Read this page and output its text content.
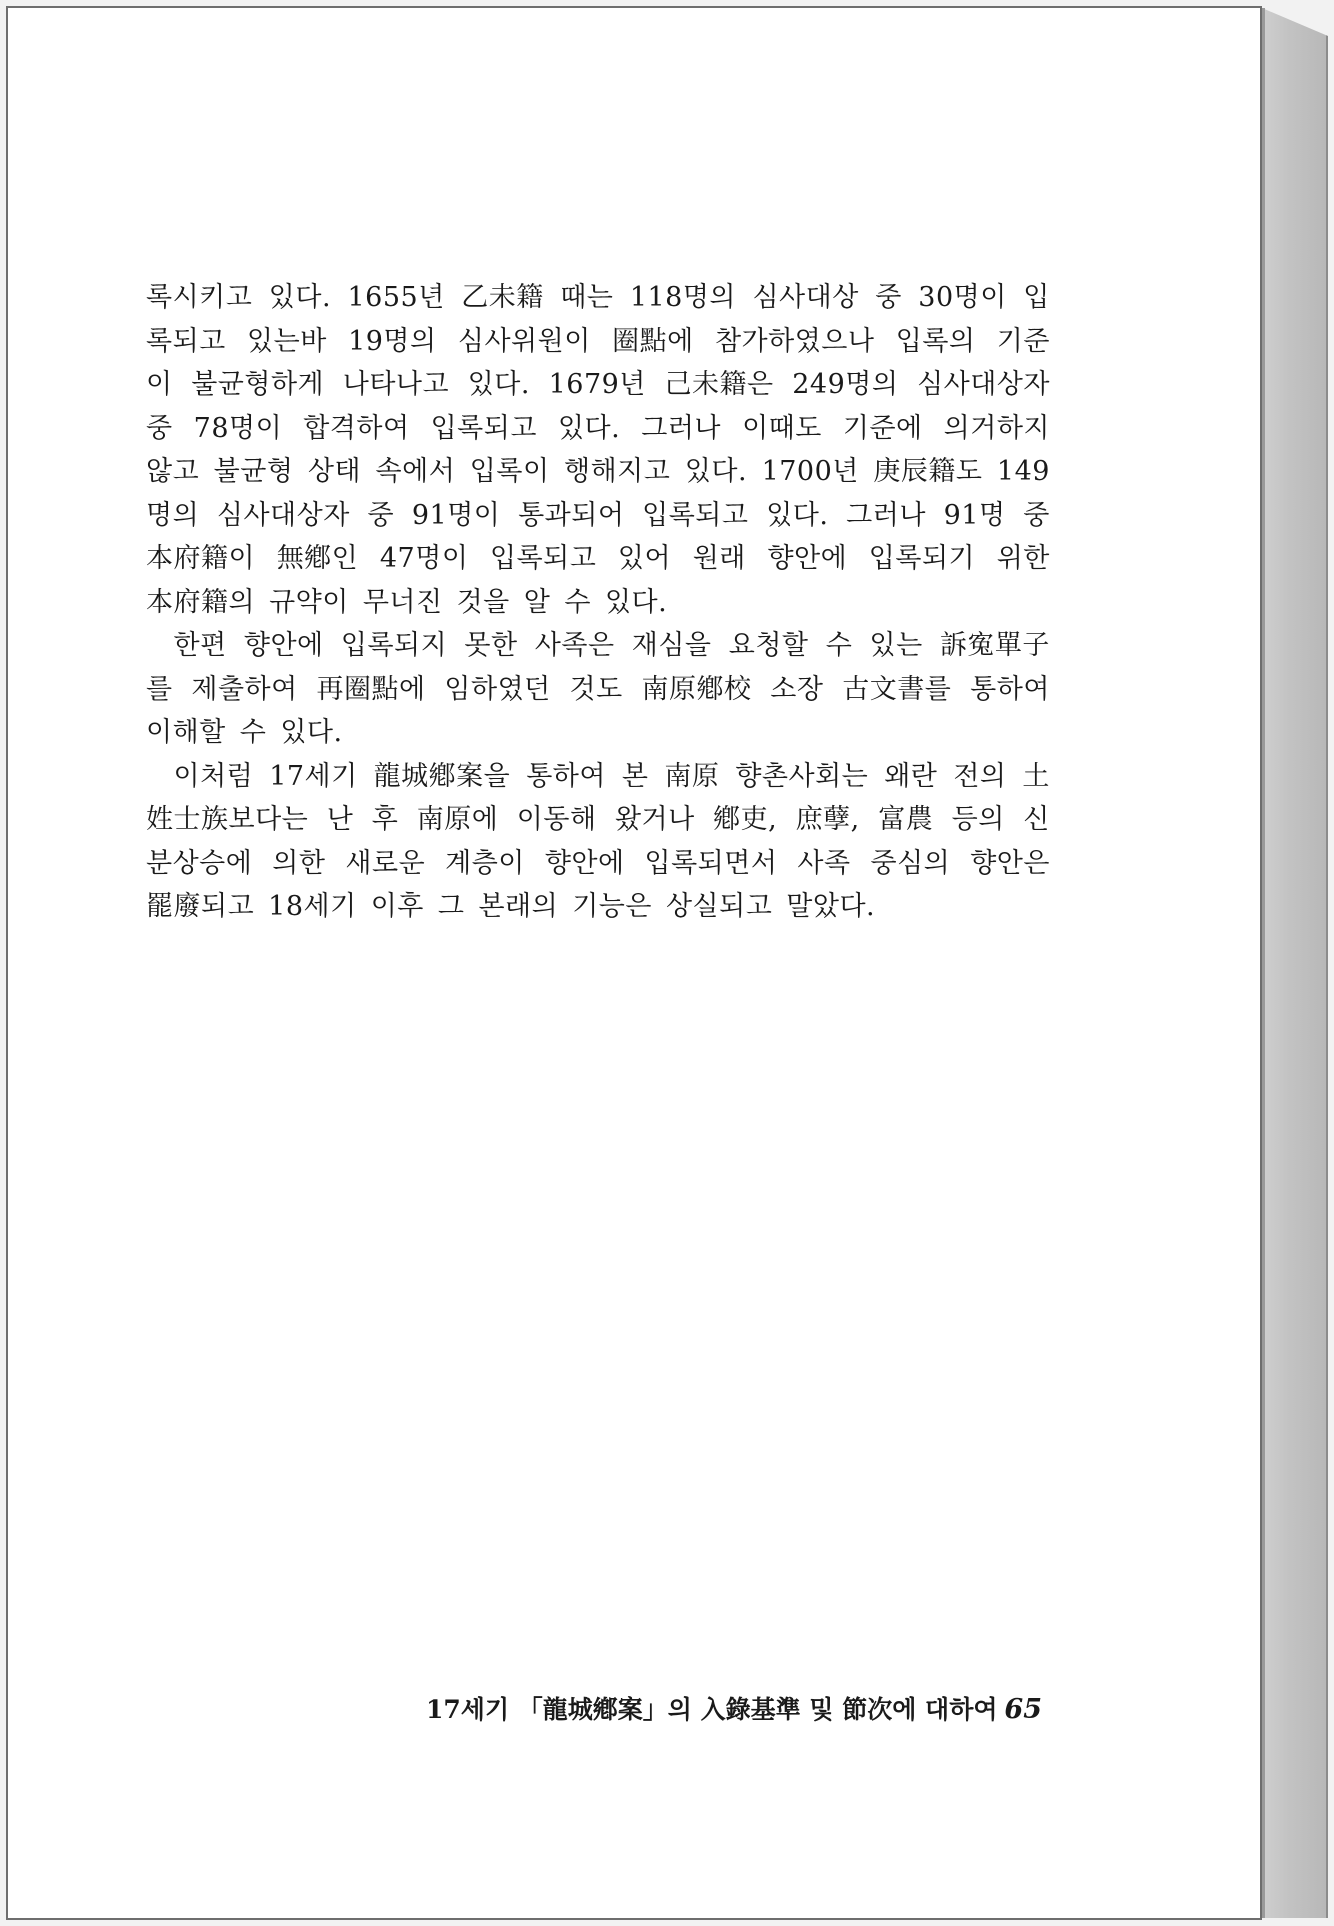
록시키고 있다. 1655년 乙未籍 때는 118명의 심사대상 중 30명이 입
록되고 있는바 19명의 심사위원이 圈點에 참가하였으나 입록의 기준
이 불균형하게 나타나고 있다. 1679년 己未籍은 249명의 심사대상자
중 78명이 합격하여 입록되고 있다. 그러나 이때도 기준에 의거하지
않고 불균형 상태 속에서 입록이 행해지고 있다. 1700년 庚辰籍도 149
명의 심사대상자 중 91명이 통과되어 입록되고 있다. 그러나 91명 중
本府籍이 無鄕인 47명이 입록되고 있어 원래 향안에 입록되기 위한
本府籍의 규약이 무너진 것을 알 수 있다.
　한편 향안에 입록되지 못한 사족은 재심을 요청할 수 있는 訴寃單子
를 제출하여 再圈點에 임하였던 것도 南原鄕校 소장 古文書를 통하여
이해할 수 있다.
　이처럼 17세기 龍城鄕案을 통하여 본 南原 향촌사회는 왜란 전의 土
姓士族보다는 난 후 南原에 이동해 왔거나 鄕吏, 庶孽, 富農 등의 신
분상승에 의한 새로운 계층이 향안에 입록되면서 사족 중심의 향안은
罷廢되고 18세기 이후 그 본래의 기능은 상실되고 말았다.
17세기 「龍城鄕案」의 入錄基準 및 節次에 대하여 65
